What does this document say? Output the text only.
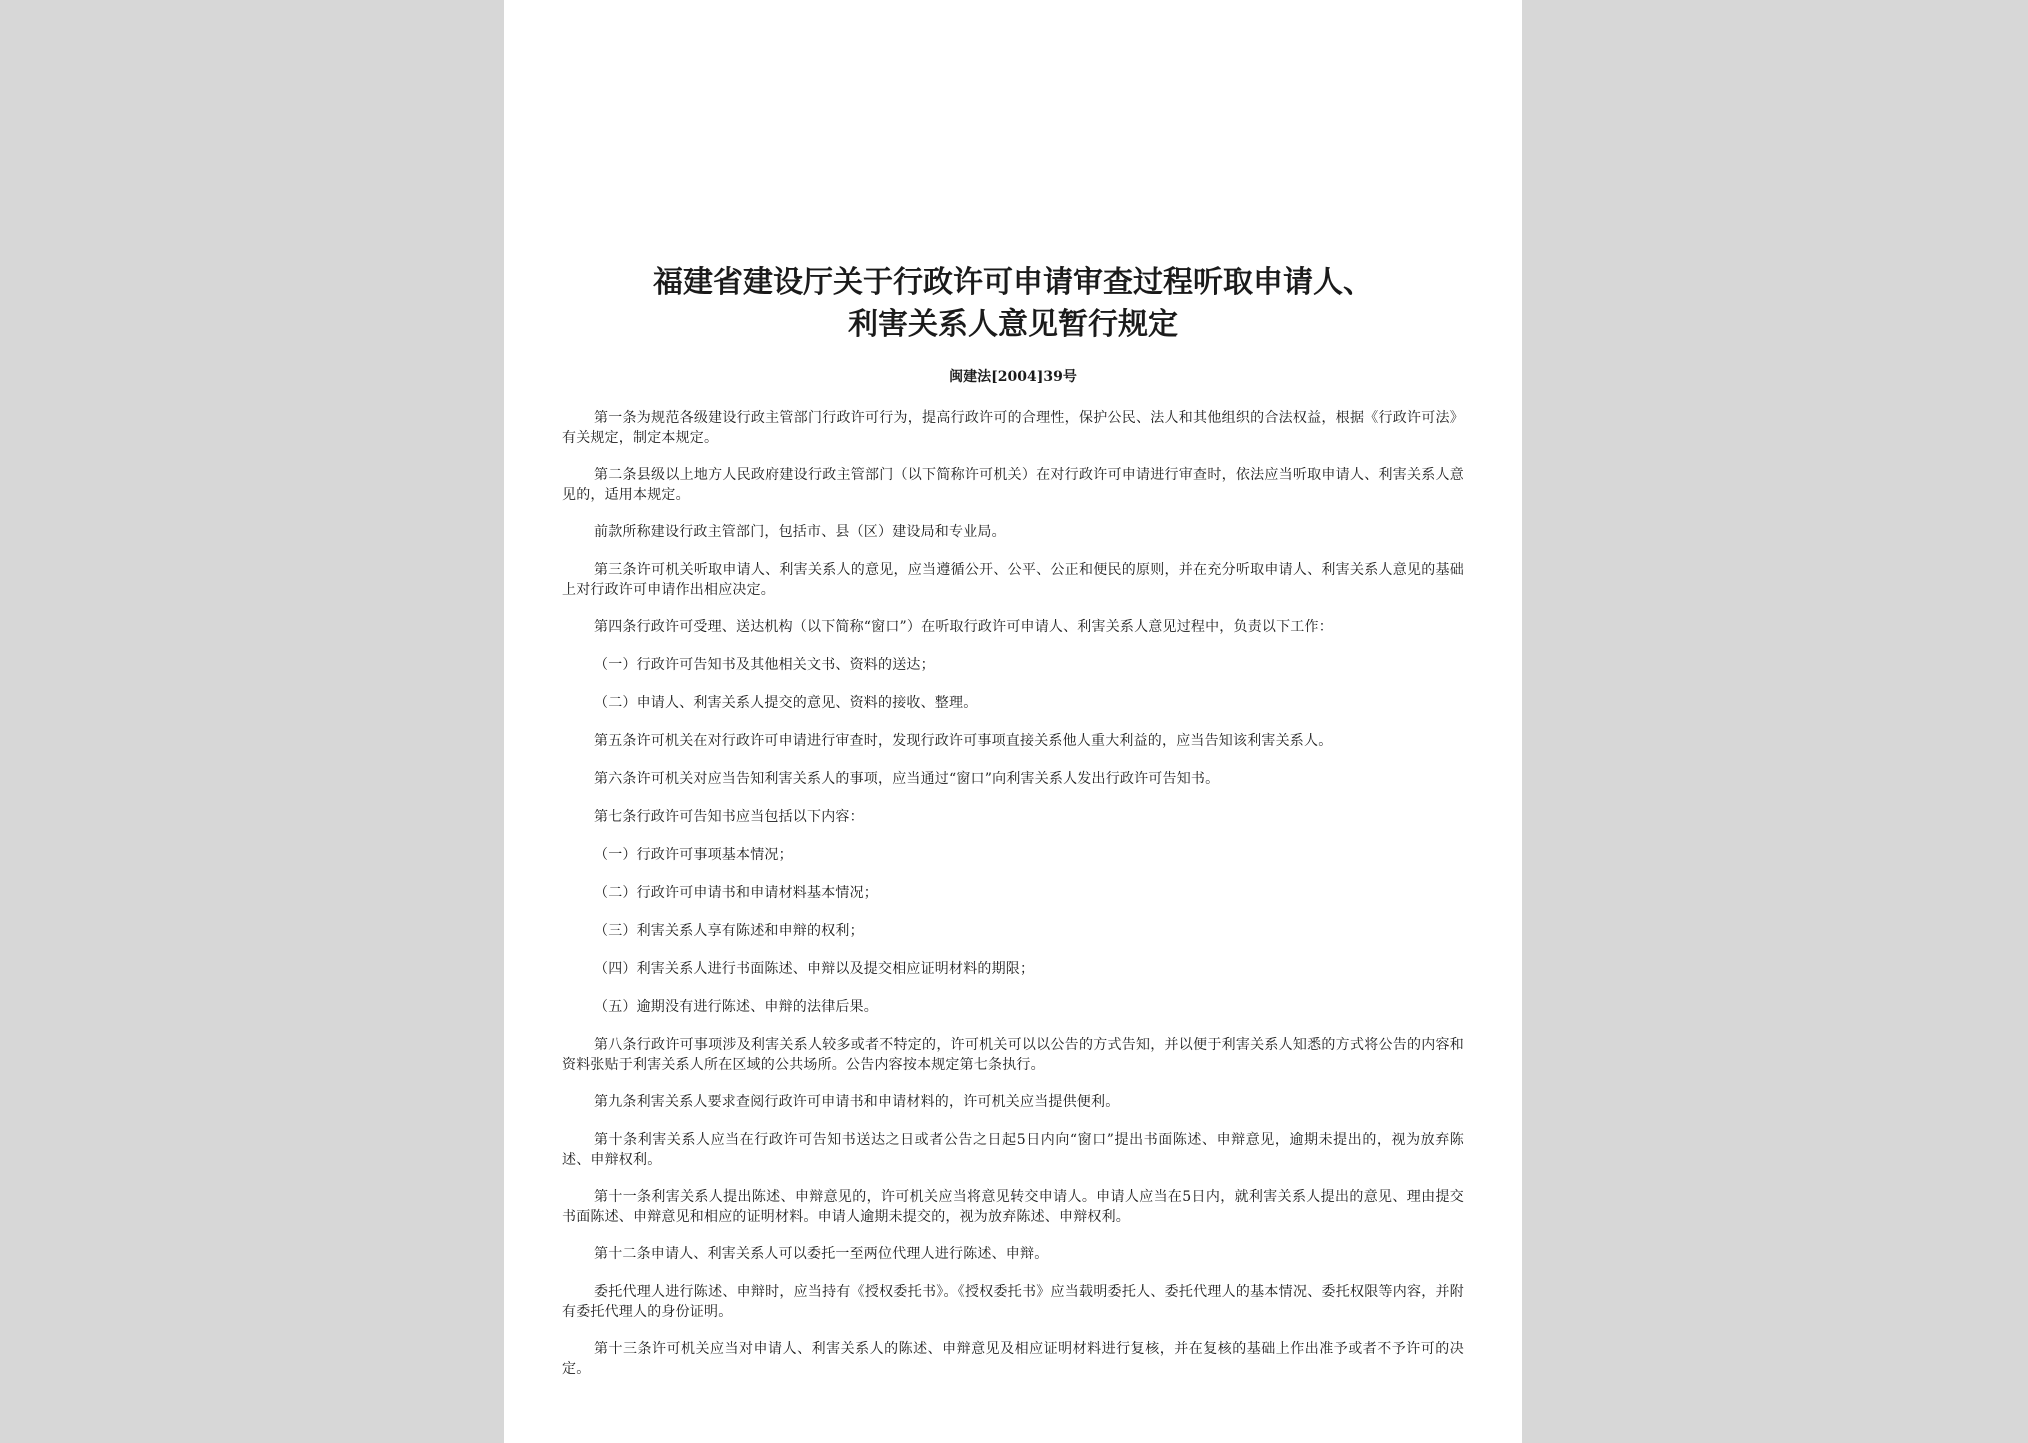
福建省建设厅关于行政许可申请审查过程听取申请人、
利害关系人意见暂行规定
闽建法[2004]39号

第一条为规范各级建设行政主管部门行政许可行为，提高行政许可的合理性，保护公民、法人和其他组织的合法权益，根据《行政许可法》有关规定，制定本规定。

第二条县级以上地方人民政府建设行政主管部门（以下简称许可机关）在对行政许可申请进行审查时，依法应当听取申请人、利害关系人意见的，适用本规定。

前款所称建设行政主管部门，包括市、县（区）建设局和专业局。

第三条许可机关听取申请人、利害关系人的意见，应当遵循公开、公平、公正和便民的原则，并在充分听取申请人、利害关系人意见的基础上对行政许可申请作出相应决定。

第四条行政许可受理、送达机构（以下简称“窗口”）在听取行政许可申请人、利害关系人意见过程中，负责以下工作：

（一）行政许可告知书及其他相关文书、资料的送达；

（二）申请人、利害关系人提交的意见、资料的接收、整理。

第五条许可机关在对行政许可申请进行审查时，发现行政许可事项直接关系他人重大利益的，应当告知该利害关系人。

第六条许可机关对应当告知利害关系人的事项，应当通过“窗口”向利害关系人发出行政许可告知书。

第七条行政许可告知书应当包括以下内容：

（一）行政许可事项基本情况；

（二）行政许可申请书和申请材料基本情况；

（三）利害关系人享有陈述和申辩的权利；

（四）利害关系人进行书面陈述、申辩以及提交相应证明材料的期限；

（五）逾期没有进行陈述、申辩的法律后果。

第八条行政许可事项涉及利害关系人较多或者不特定的，许可机关可以以公告的方式告知，并以便于利害关系人知悉的方式将公告的内容和资料张贴于利害关系人所在区域的公共场所。公告内容按本规定第七条执行。

第九条利害关系人要求查阅行政许可申请书和申请材料的，许可机关应当提供便利。

第十条利害关系人应当在行政许可告知书送达之日或者公告之日起5日内向“窗口”提出书面陈述、申辩意见，逾期未提出的，视为放弃陈述、申辩权利。

第十一条利害关系人提出陈述、申辩意见的，许可机关应当将意见转交申请人。申请人应当在5日内，就利害关系人提出的意见、理由提交书面陈述、申辩意见和相应的证明材料。申请人逾期未提交的，视为放弃陈述、申辩权利。

第十二条申请人、利害关系人可以委托一至两位代理人进行陈述、申辩。

委托代理人进行陈述、申辩时，应当持有《授权委托书》。《授权委托书》应当载明委托人、委托代理人的基本情况、委托权限等内容，并附有委托代理人的身份证明。

第十三条许可机关应当对申请人、利害关系人的陈述、申辩意见及相应证明材料进行复核，并在复核的基础上作出准予或者不予许可的决定。
